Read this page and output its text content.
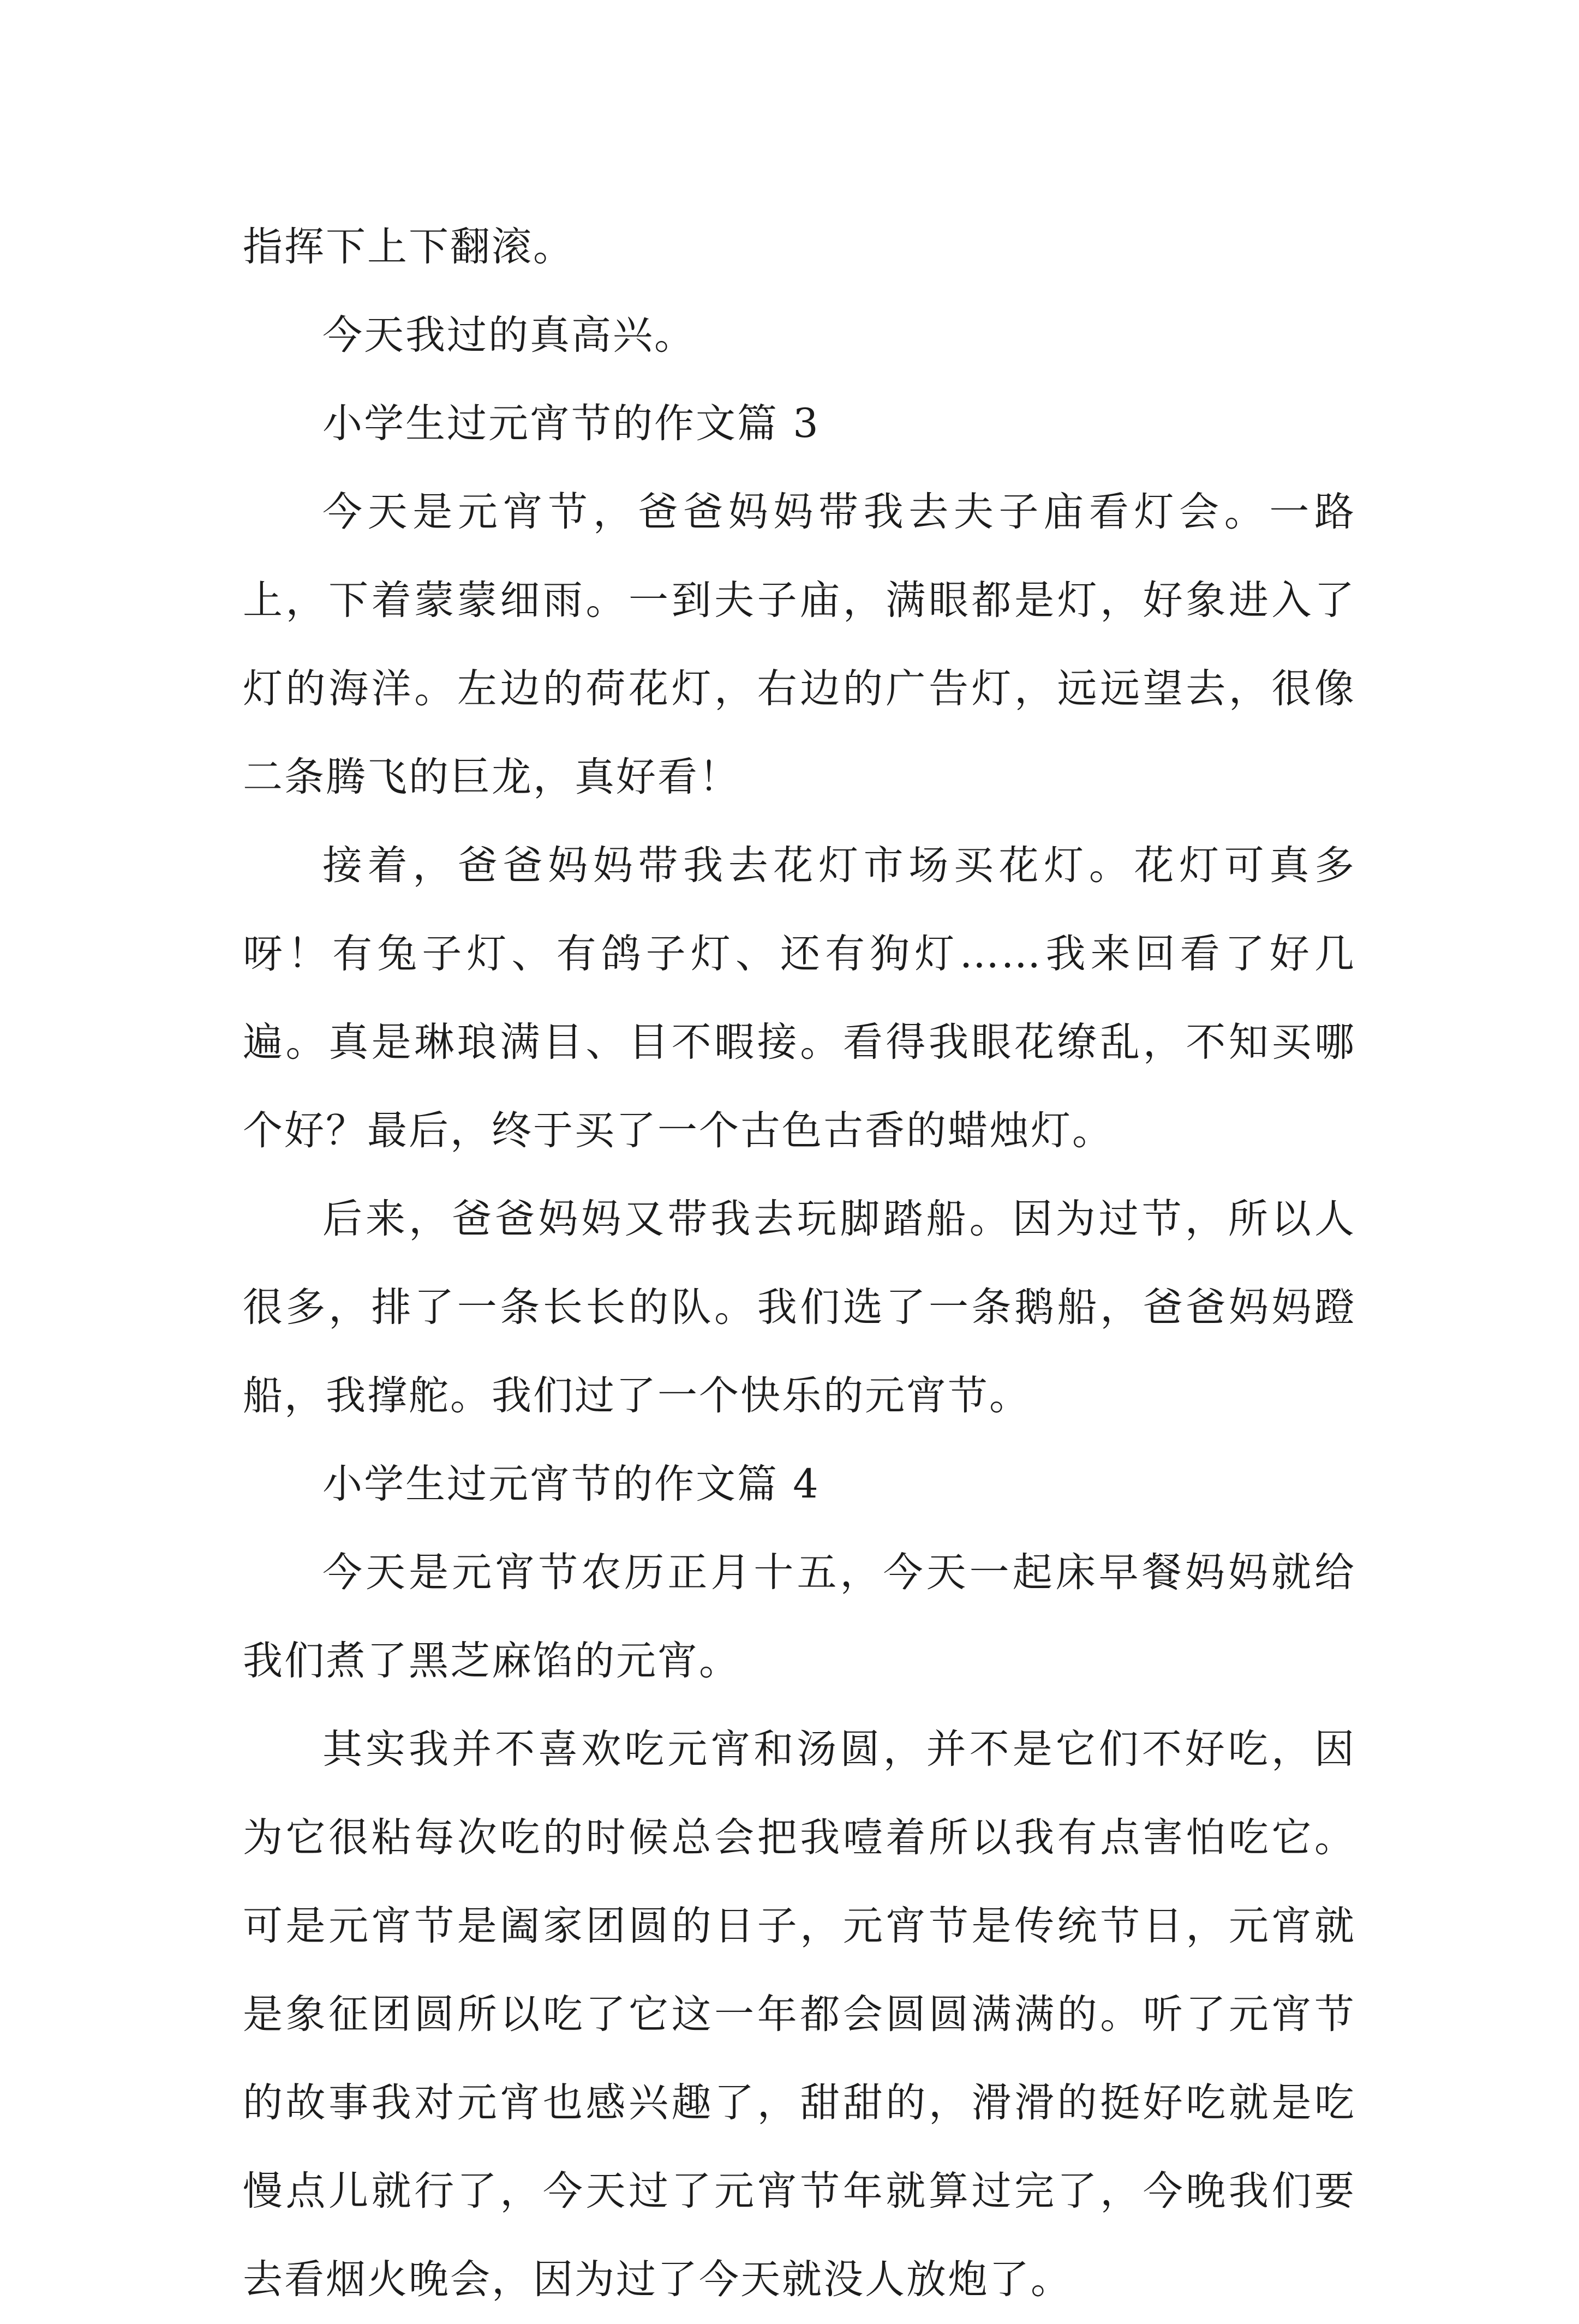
指挥下上下翻滚。

今天我过的真高兴。

小学生过元宵节的作文篇 3

今天是元宵节，爸爸妈妈带我去夫子庙看灯会。一路上，下着蒙蒙细雨。一到夫子庙，满眼都是灯，好象进入了灯的海洋。左边的荷花灯，右边的广告灯，远远望去，很像二条腾飞的巨龙，真好看！

接着，爸爸妈妈带我去花灯市场买花灯。花灯可真多呀！有兔子灯、有鸽子灯、还有狗灯……我来回看了好几遍。真是琳琅满目、目不暇接。看得我眼花缭乱，不知买哪个好？最后，终于买了一个古色古香的蜡烛灯。

后来，爸爸妈妈又带我去玩脚踏船。因为过节，所以人很多，排了一条长长的队。我们选了一条鹅船，爸爸妈妈蹬船，我撑舵。我们过了一个快乐的元宵节。

小学生过元宵节的作文篇 4

今天是元宵节农历正月十五，今天一起床早餐妈妈就给我们煮了黑芝麻馅的元宵。

其实我并不喜欢吃元宵和汤圆，并不是它们不好吃，因为它很粘每次吃的时候总会把我噎着所以我有点害怕吃它。可是元宵节是阖家团圆的日子，元宵节是传统节日，元宵就是象征团圆所以吃了它这一年都会圆圆满满的。听了元宵节的故事我对元宵也感兴趣了，甜甜的，滑滑的挺好吃就是吃慢点儿就行了，今天过了元宵节年就算过完了，今晚我们要去看烟火晚会，因为过了今天就没人放炮了。
